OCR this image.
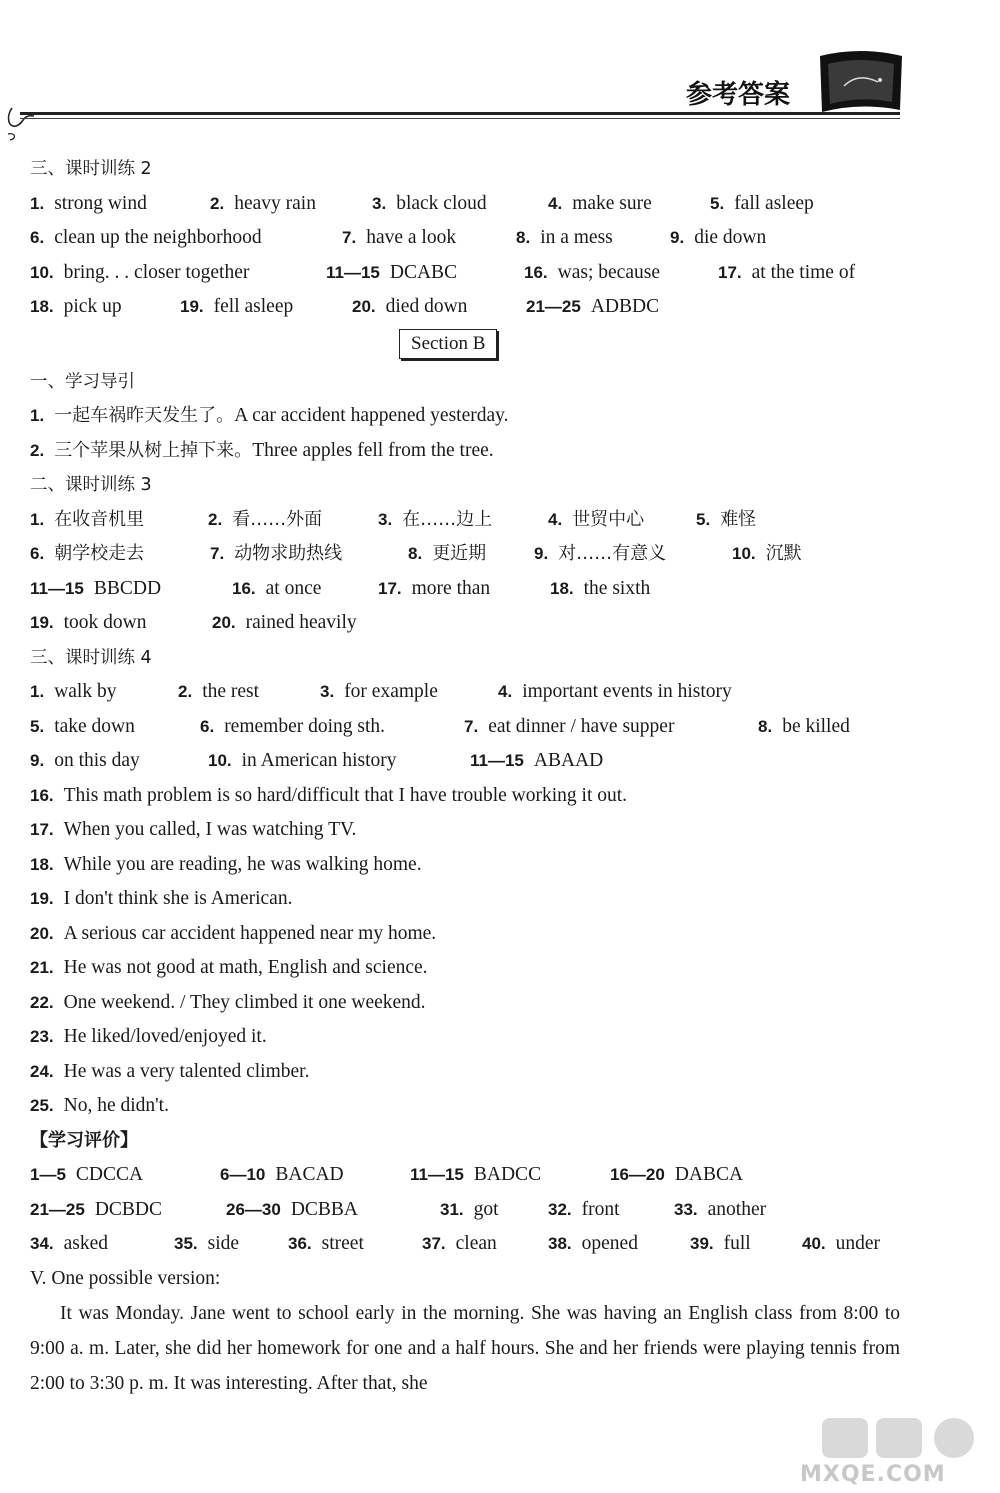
参考答案
三、课时训练 2
1. strong wind	2. heavy rain	3. black cloud	4. make sure	5. fall asleep
6. clean up the neighborhood	7. have a look	8. in a mess	9. die down
10. bring. . . closer together	11—15 DCABC	16. was; because	17. at the time of
18. pick up	19. fell asleep	20. died down	21—25 ADBDC
Section B
一、学习导引
1. 一起车祸昨天发生了。A car accident happened yesterday.
2. 三个苹果从树上掉下来。Three apples fell from the tree.
二、课时训练 3
1. 在收音机里	2. 看……外面	3. 在……边上	4. 世贸中心	5. 难怪
6. 朝学校走去	7. 动物求助热线	8. 更近期	9. 对……有意义	10. 沉默
11—15 BBCDD	16. at once	17. more than	18. the sixth
19. took down	20. rained heavily
三、课时训练 4
1. walk by	2. the rest	3. for example	4. important events in history
5. take down	6. remember doing sth.	7. eat dinner / have supper	8. be killed
9. on this day	10. in American history	11—15 ABAAD
16. This math problem is so hard/difficult that I have trouble working it out.
17. When you called, I was watching TV.
18. While you are reading, he was walking home.
19. I don't think she is American.
20. A serious car accident happened near my home.
21. He was not good at math, English and science.
22. One weekend. / They climbed it one weekend.
23. He liked/loved/enjoyed it.
24. He was a very talented climber.
25. No, he didn't.
【学习评价】
1—5 CDCCA	6—10 BACAD	11—15 BADCC	16—20 DABCA
21—25 DCBDC	26—30 DCBBA	31. got	32. front	33. another
34. asked	35. side	36. street	37. clean	38. opened	39. full	40. under
V. One possible version:

It was Monday. Jane went to school early in the morning. She was having an English class from 8:00 to 9:00 a. m. Later, she did her homework for one and a half hours. She and her friends were playing tennis from 2:00 to 3:30 p. m. It was interesting. After that, she

MXQE.COM
